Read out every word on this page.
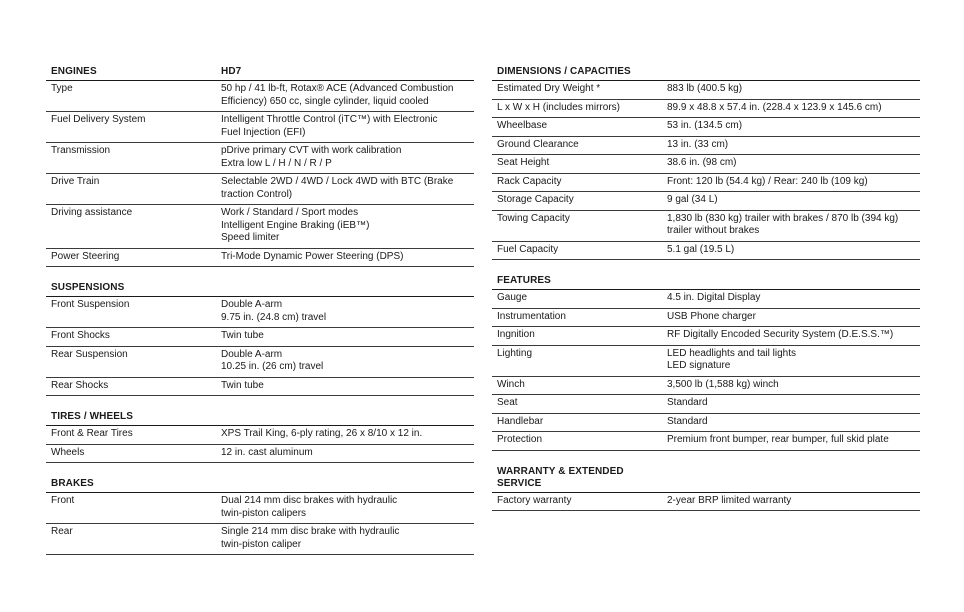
ENGINES	HD7
Type	50 hp / 41 lb-ft, Rotax® ACE (Advanced Combustion
Efficiency) 650 cc, single cylinder, liquid cooled
Fuel Delivery System	Intelligent Throttle Control (iTC™) with Electronic
Fuel Injection (EFI)
Transmission	pDrive primary CVT with work calibration
Extra low L / H / N / R / P
Drive Train	Selectable 2WD / 4WD / Lock 4WD with BTC (Brake
traction Control)
Driving assistance	Work / Standard / Sport modes
Intelligent Engine Braking (iEB™)
Speed limiter
Power Steering	Tri-Mode Dynamic Power Steering (DPS)
SUSPENSIONS
Front Suspension	Double A-arm
9.75 in. (24.8 cm) travel
Front Shocks	Twin tube
Rear Suspension	Double A-arm
10.25 in. (26 cm) travel
Rear Shocks	Twin tube
TIRES / WHEELS
Front & Rear Tires	XPS Trail King, 6-ply rating, 26 x 8/10 x 12 in.
Wheels	12 in. cast aluminum
BRAKES
Front	Dual 214 mm disc brakes with hydraulic
twin-piston calipers
Rear	Single 214 mm disc brake with hydraulic
twin-piston caliper
DIMENSIONS / CAPACITIES
Estimated Dry Weight *	883 lb (400.5 kg)
L x W x H (includes mirrors)	89.9 x 48.8 x 57.4 in. (228.4 x 123.9 x 145.6 cm)
Wheelbase	53 in. (134.5 cm)
Ground Clearance	13 in. (33 cm)
Seat Height	38.6 in. (98 cm)
Rack Capacity	Front: 120 lb (54.4 kg) / Rear: 240 lb (109 kg)
Storage Capacity	9 gal (34 L)
Towing Capacity	1,830 lb (830 kg) trailer with brakes / 870 lb (394 kg)
trailer without brakes
Fuel Capacity	5.1 gal (19.5 L)
FEATURES
Gauge	4.5 in. Digital Display
Instrumentation	USB Phone charger
Ingnition	RF Digitally Encoded Security System (D.E.S.S.™)
Lighting	LED headlights and tail lights
LED signature
Winch	3,500 lb (1,588 kg) winch
Seat	Standard
Handlebar	Standard
Protection	Premium front bumper, rear bumper, full skid plate
WARRANTY & EXTENDED SERVICE
Factory warranty	2-year BRP limited warranty
